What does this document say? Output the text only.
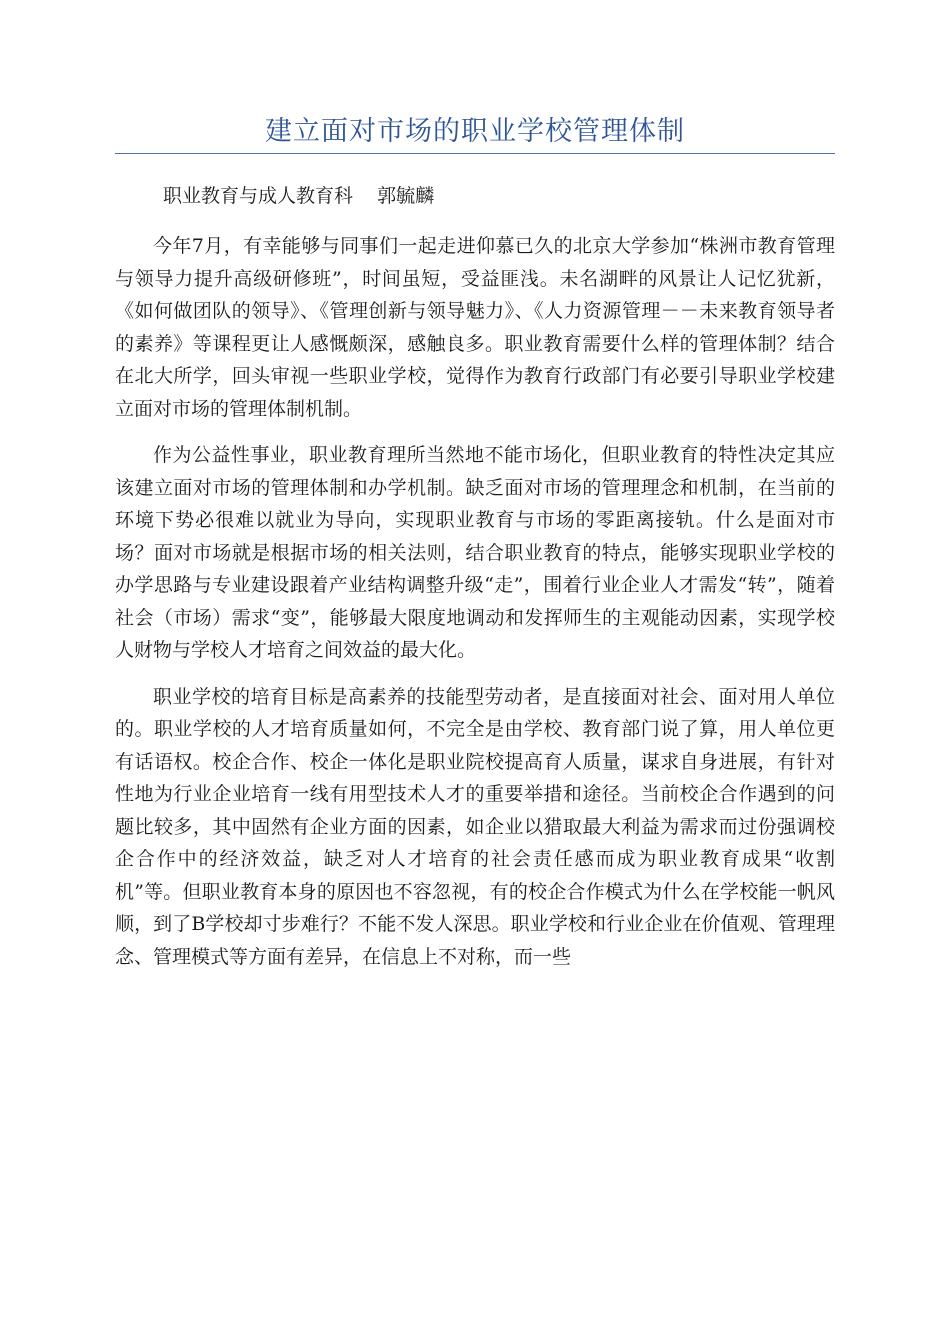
建立面对市场的职业学校管理体制
职业教育与成人教育科    郭毓麟

今年7月，有幸能够与同事们一起走进仰慕已久的北京大学参加“株洲市教育管理与领导力提升高级研修班”，时间虽短，受益匪浅。未名湖畔的风景让人记忆犹新，《如何做团队的领导》、《管理创新与领导魅力》、《人力资源管理－－未来教育领导者的素养》等课程更让人感慨颇深，感触良多。职业教育需要什么样的管理体制？结合在北大所学，回头审视一些职业学校，觉得作为教育行政部门有必要引导职业学校建立面对市场的管理体制机制。

作为公益性事业，职业教育理所当然地不能市场化，但职业教育的特性决定其应该建立面对市场的管理体制和办学机制。缺乏面对市场的管理理念和机制，在当前的环境下势必很难以就业为导向，实现职业教育与市场的零距离接轨。什么是面对市场？面对市场就是根据市场的相关法则，结合职业教育的特点，能够实现职业学校的办学思路与专业建设跟着产业结构调整升级“走”，围着行业企业人才需发“转”，随着社会（市场）需求“变”，能够最大限度地调动和发挥师生的主观能动因素，实现学校人财物与学校人才培育之间效益的最大化。

职业学校的培育目标是高素养的技能型劳动者，是直接面对社会、面对用人单位的。职业学校的人才培育质量如何，不完全是由学校、教育部门说了算，用人单位更有话语权。校企合作、校企一体化是职业院校提高育人质量，谋求自身进展，有针对性地为行业企业培育一线有用型技术人才的重要举措和途径。当前校企合作遇到的问题比较多，其中固然有企业方面的因素，如企业以猎取最大利益为需求而过份强调校企合作中的经济效益，缺乏对人才培育的社会责任感而成为职业教育成果“收割机”等。但职业教育本身的原因也不容忽视，有的校企合作模式为什么在学校能一帆风顺，到了B学校却寸步难行？不能不发人深思。职业学校和行业企业在价值观、管理理念、管理模式等方面有差异，在信息上不对称，而一些
